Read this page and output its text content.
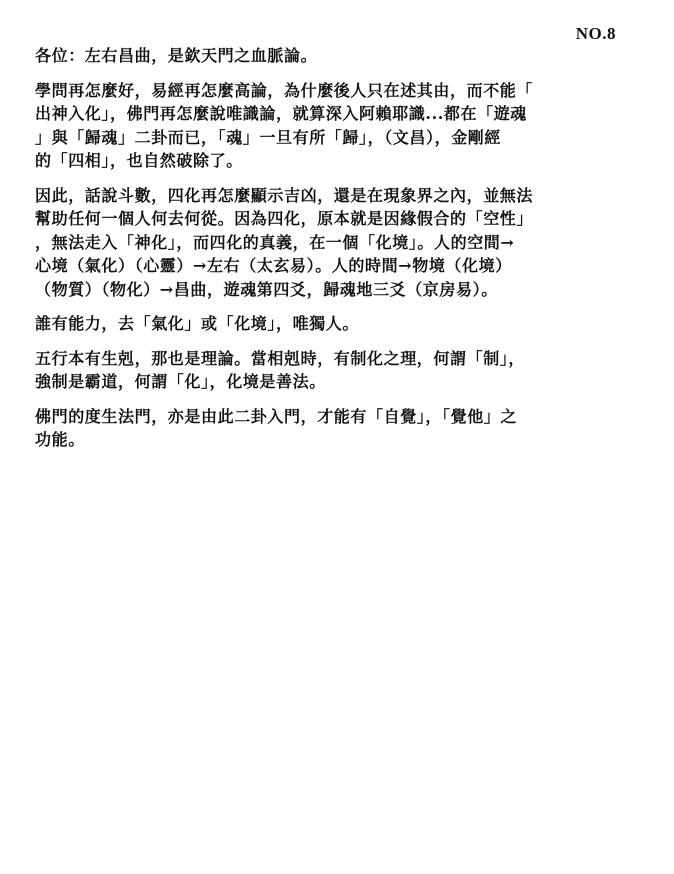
NO.8

各位：左右昌曲，是欽天門之血脈論。

學問再怎麼好，易經再怎麼高論，為什麼後人只在述其由，而不能「
出神入化」，佛門再怎麼說唯識論，就算深入阿賴耶識...都在「遊魂
」與「歸魂」二卦而已，「魂」一旦有所「歸」，（文昌），金剛經
的「四相」，也自然破除了。

因此，話說斗數，四化再怎麼顯示吉凶，還是在現象界之內，並無法
幫助任何一個人何去何從。因為四化，原本就是因緣假合的「空性」
，無法走入「神化」，而四化的真義，在一個「化境」。人的空間→
心境（氣化）（心靈）→左右（太玄易）。人的時間→物境（化境）
（物質）（物化）→昌曲，遊魂第四爻，歸魂地三爻（京房易）。

誰有能力，去「氣化」或「化境」，唯獨人。

五行本有生剋，那也是理論。當相剋時，有制化之理，何謂「制」，
強制是霸道，何謂「化」，化境是善法。

佛門的度生法門，亦是由此二卦入門，才能有「自覺」，「覺他」之
功能。
